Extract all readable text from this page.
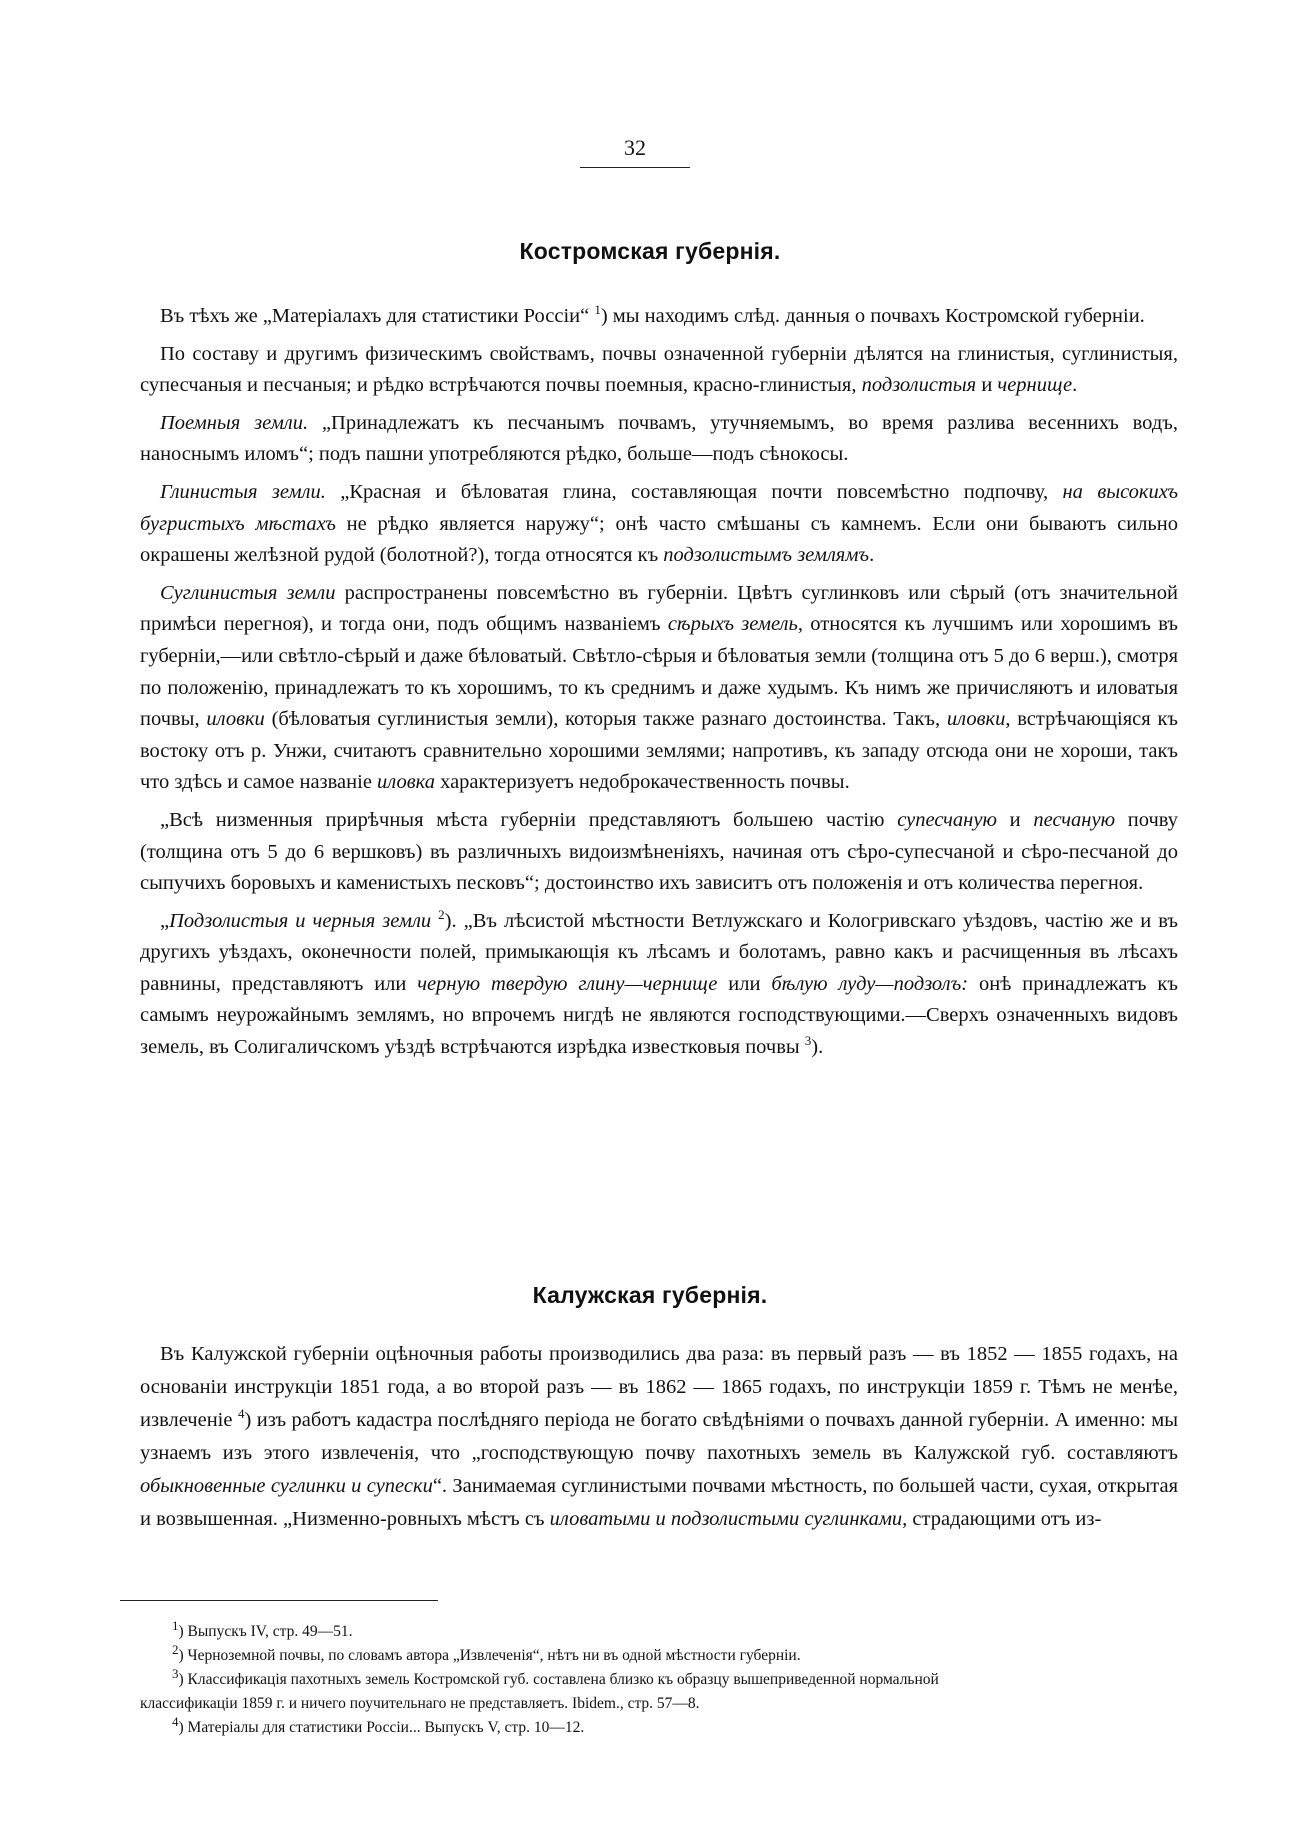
32
Костромская губернія.

Въ тѣхъ же „Матеріалахъ для статистики Россіи“ $^1$) мы находимъ слѣд. данныя о почвахъ Костромской губерніи.

По составу и другимъ физическимъ свойствамъ, почвы означенной губерніи дѣлятся на глинистыя, суглинистыя, супесчаныя и песчаныя; и рѣдко встрѣчаются почвы поемныя, красно-глинистыя, подзолистыя и чернище.

Поемныя земли. „Принадлежатъ къ песчанымъ почвамъ, утучняемымъ, во время разлива весеннихъ водъ, наноснымъ иломъ“; подъ пашни употребляются рѣдко, больше—подъ сѣнокосы.

Глинистыя земли. „Красная и бѣловатая глина, составляющая почти повсемѣстно подпочву, на высокихъ бугристыхъ мѣстахъ не рѣдко является наружу“; онѣ часто смѣшаны съ камнемъ. Если они бываютъ сильно окрашены желѣзной рудой (болотной?), тогда относятся къ подзолистымъ землямъ.

Суглинистыя земли распространены повсемѣстно въ губерніи. Цвѣтъ суглинковъ или сѣрый (отъ значительной примѣси перегноя), и тогда они, подъ общимъ названіемъ сѣрыхъ земель, относятся къ лучшимъ или хорошимъ въ губерніи,—или свѣтло-сѣрый и даже бѣловатый. Свѣтло-сѣрыя и бѣловатыя земли (толщина отъ 5 до 6 верш.), смотря по положенію, принадлежатъ то къ хорошимъ, то къ среднимъ и даже худымъ. Къ нимъ же причисляютъ и иловатыя почвы, иловки (бѣловатыя суглинистыя земли), которыя также разнаго достоинства. Такъ, иловки, встрѣчающіяся къ востоку отъ р. Унжи, считаютъ сравнительно хорошими землями; напротивъ, къ западу отсюда они не хороши, такъ что здѣсь и самое названіе иловка характеризуетъ недоброкачественность почвы.

„Всѣ низменныя прирѣчныя мѣста губерніи представляютъ большею частію супесчаную и песчаную почву (толщина отъ 5 до 6 вершковъ) въ различныхъ видоизмѣненіяхъ, начиная отъ сѣро-супесчаной и сѣро-песчаной до сыпучихъ боровыхъ и каменистыхъ песковъ“; достоинство ихъ зависитъ отъ положенія и отъ количества перегноя.

„Подзолистыя и черныя земли $^2$). „Въ лѣсистой мѣстности Ветлужскаго и Кологривскаго уѣздовъ, частію же и въ другихъ уѣздахъ, оконечности полей, примыкающія къ лѣсамъ и болотамъ, равно какъ и расчищенныя въ лѣсахъ равнины, представляютъ или черную твердую глину—чернище или бѣлую луду—подзолъ: онѣ принадлежатъ къ самымъ неурожайнымъ землямъ, но впрочемъ нигдѣ не являются господствующими.—Сверхъ означенныхъ видовъ земель, въ Солигаличскомъ уѣздѣ встрѣчаются изрѣдка известковыя почвы $^3$).

Калужская губернія.

Въ Калужской губерніи оцѣночныя работы производились два раза: въ первый разъ — въ 1852 — 1855 годахъ, на основаніи инструкціи 1851 года, а во второй разъ — въ 1862 — 1865 годахъ, по инструкціи 1859 г. Тѣмъ не менѣе, извлеченіе $^4$) изъ работъ кадастра послѣдняго періода не богато свѣдѣніями о почвахъ данной губерніи. А именно: мы узнаемъ изъ этого извлеченія, что „господствующую почву пахотныхъ земель въ Калужской губ. составляютъ обыкновенные суглинки и супески“. Занимаемая суглинистыми почвами мѣстность, по большей части, сухая, открытая и возвышенная. „Низменно-ровныхъ мѣстъ съ иловатыми и подзолистыми суглинками, страдающими отъ из-

$^1$) Выпускъ IV, стр. 49—51.

$^2$) Черноземной почвы, по словамъ автора „Извлеченія“, нѣтъ ни въ одной мѣстности губерніи.

$^3$) Классификація пахотныхъ земель Костромской губ. составлена близко къ образцу вышеприведенной нормальной

классификаціи 1859 г. и ничего поучительнаго не представляетъ. Ibidem., стр. 57—8.

$^4$) Матеріалы для статистики Россіи... Выпускъ V, стр. 10—12.
